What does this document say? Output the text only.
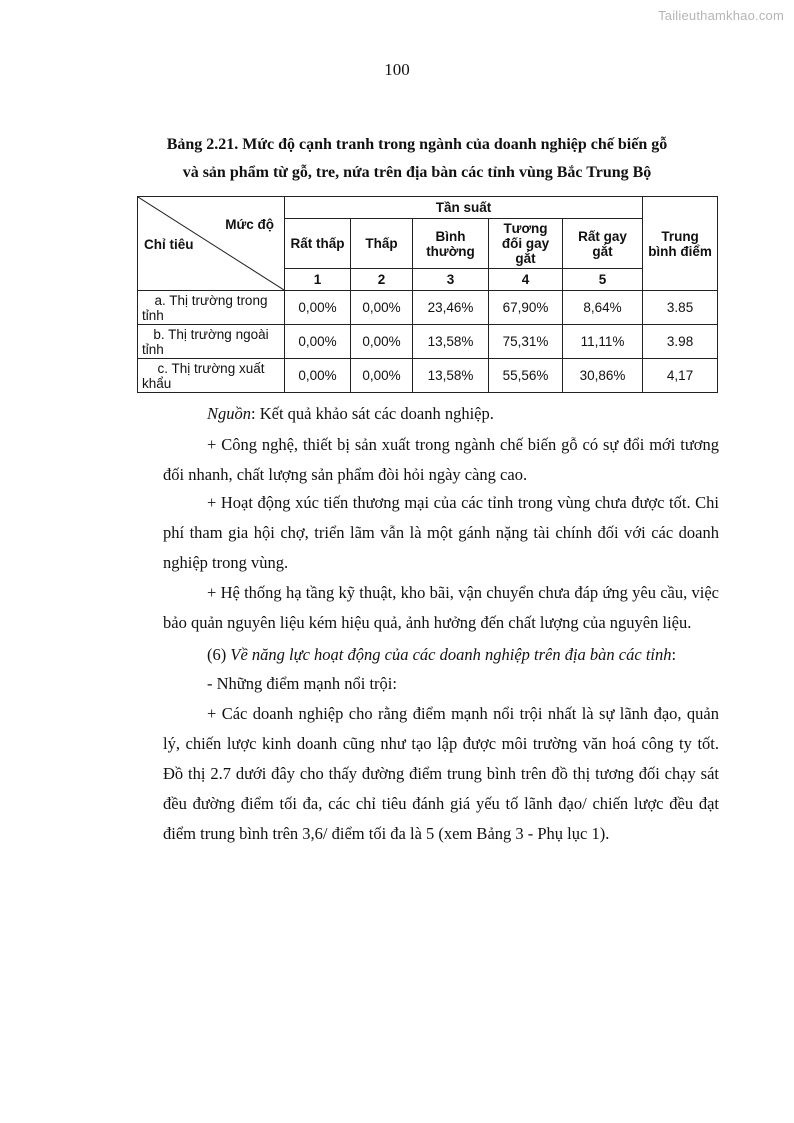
Tailieuthamkhao.com
100
Bảng 2.21. Mức độ cạnh tranh trong ngành của doanh nghiệp chế biến gỗ
và sản phẩm từ gỗ, tre, nứa trên địa bàn các tỉnh vùng Bắc Trung Bộ
Mức độ
Chỉ tiêu	Tần suất					Trung bình điểm
	Rất thấp	Thấp	Bình thường	Tương đối gay gắt	Rất gay gắt	
	1	2	3	4	5	
a. Thị trường trong tỉnh	0,00%	0,00%	23,46%	67,90%	8,64%	3.85
b. Thị trường ngoài tỉnh	0,00%	0,00%	13,58%	75,31%	11,11%	3.98
c. Thị trường xuất khẩu	0,00%	0,00%	13,58%	55,56%	30,86%	4,17
Nguồn: Kết quả khảo sát các doanh nghiệp.
+ Công nghệ, thiết bị sản xuất trong ngành chế biến gỗ có sự đổi mới tương đối nhanh, chất lượng sản phẩm đòi hỏi ngày càng cao.
+ Hoạt động xúc tiến thương mại của các tỉnh trong vùng chưa được tốt. Chi phí tham gia hội chợ, triển lãm vẫn là một gánh nặng tài chính đối với các doanh nghiệp trong vùng.
+ Hệ thống hạ tầng kỹ thuật, kho bãi, vận chuyển chưa đáp ứng yêu cầu, việc bảo quản nguyên liệu kém hiệu quả, ảnh hưởng đến chất lượng của nguyên liệu.
(6) Về năng lực hoạt động của các doanh nghiệp trên địa bàn các tỉnh:
- Những điểm mạnh nổi trội:
+ Các doanh nghiệp cho rằng điểm mạnh nổi trội nhất là sự lãnh đạo, quản lý, chiến lược kinh doanh cũng như tạo lập được môi trường văn hoá công ty tốt. Đồ thị 2.7 dưới đây cho thấy đường điểm trung bình trên đồ thị tương đối chạy sát đều đường điểm tối đa, các chỉ tiêu đánh giá yếu tố lãnh đạo/ chiến lược đều đạt điểm trung bình trên 3,6/ điểm tối đa là 5 (xem Bảng 3 - Phụ lục 1).
